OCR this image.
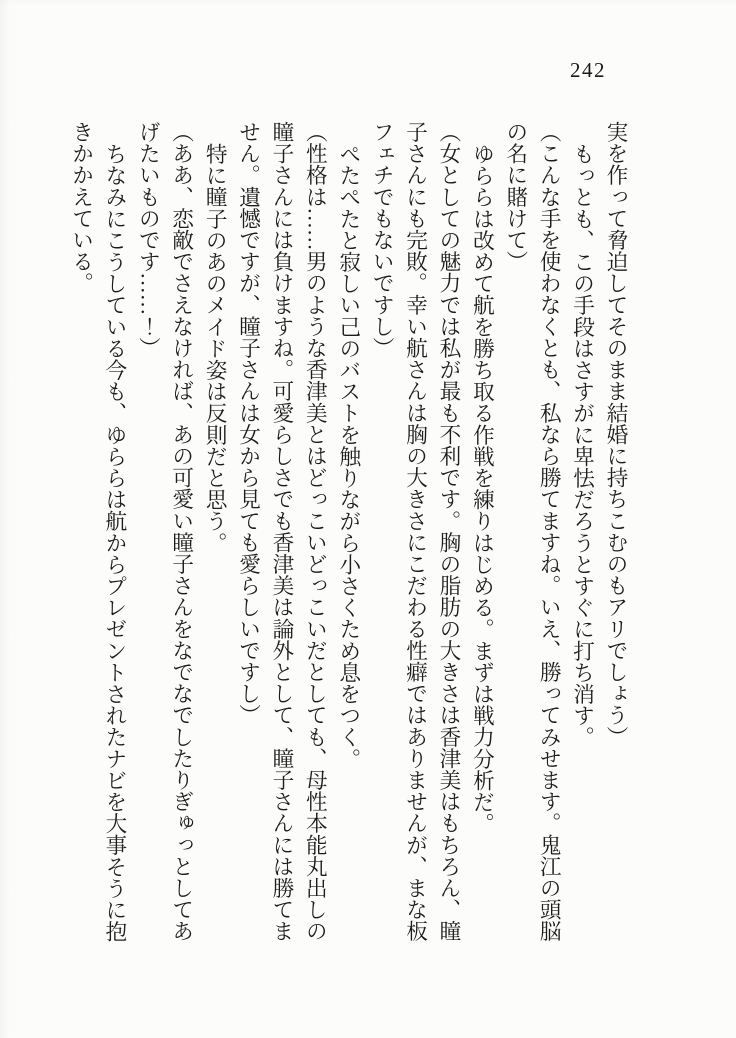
242
実を作って脅迫してそのまま結婚に持ちこむのもアリでしょう）
もっとも、この手段はさすがに卑怯だろうとすぐに打ち消す。
（こんな手を使わなくとも、私なら勝てますね。いえ、勝ってみせます。鬼江の頭脳
の名に賭けて）
ゆららは改めて航を勝ち取る作戦を練りはじめる。まずは戦力分析だ。
（女としての魅力では私が最も不利です。胸の脂肪の大きさは香津美はもちろん、瞳
子さんにも完敗。幸い航さんは胸の大きさにこだわる性癖ではありませんが、まな板
フェチでもないですし）
ぺたぺたと寂しい己のバストを触りながら小さくため息をつく。
（性格は……男のような香津美とはどっこいどっこいだとしても、母性本能丸出しの
瞳子さんには負けますね。可愛らしさでも香津美は論外として、瞳子さんには勝てま
せん。遺憾ですが、瞳子さんは女から見ても愛らしいですし）
特に瞳子のあのメイド姿は反則だと思う。
（ああ、恋敵でさえなければ、あの可愛い瞳子さんをなでなでしたりぎゅっとしてあ
げたいものです……！）
ちなみにこうしている今も、ゆららは航からプレゼントされたナビを大事そうに抱
きかかえている。
